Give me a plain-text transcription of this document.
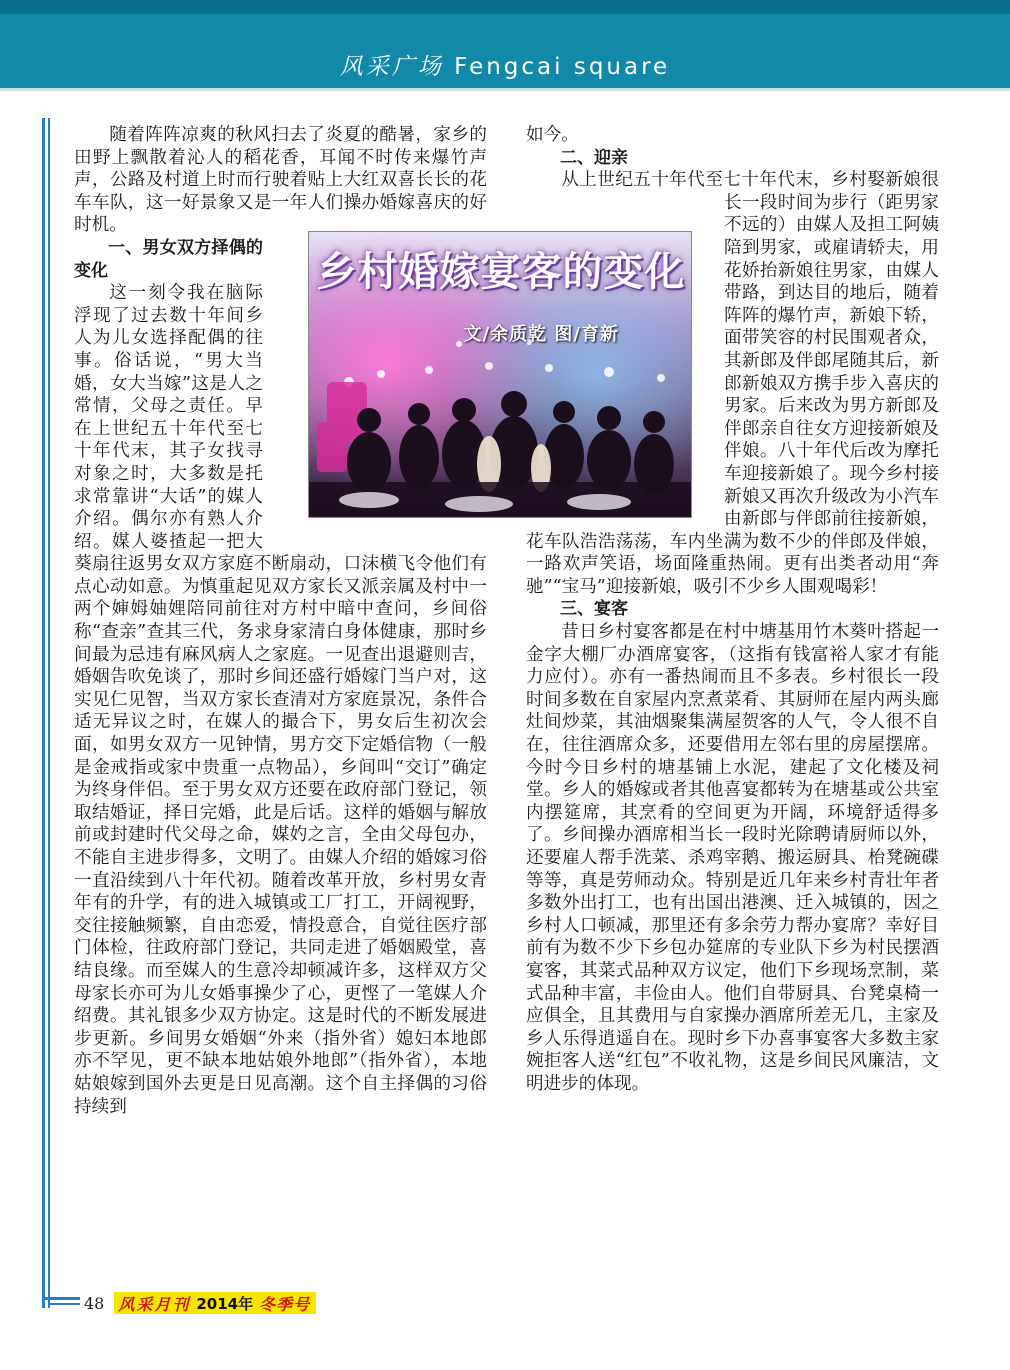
风采广场 Fengcai square

随着阵阵凉爽的秋风扫去了炎夏的酷暑，家乡的田野上飘散着沁人的稻花香，耳闻不时传来爆竹声声，公路及村道上时而行驶着贴上大红双喜长长的花车车队，这一好景象又是一年人们操办婚嫁喜庆的好时机。

一、男女双方择偶的变化

这一刻令我在脑际浮现了过去数十年间乡人为儿女选择配偶的往事。俗话说，“男大当婚，女大当嫁”这是人之常情，父母之责任。早在上世纪五十年代至七十年代末，其子女找寻对象之时，大多数是托求常靠讲“大话”的媒人介绍。偶尔亦有熟人介绍。媒人婆揸起一把大葵扇往返男女双方家庭不断扇动，口沫横飞令他们有点心动如意。为慎重起见双方家长又派亲属及村中一两个婶姆妯娌陪同前往对方村中暗中查问，乡间俗称“查亲”查其三代，务求身家清白身体健康，那时乡间最为忌违有麻风病人之家庭。一见查出退避则吉，婚姻告吹免谈了，那时乡间还盛行婚嫁门当户对，这实见仁见智，当双方家长查清对方家庭景况，条件合适无异议之时，在媒人的撮合下，男女后生初次会面，如男女双方一见钟情，男方交下定婚信物（一般是金戒指或家中贵重一点物品），乡间叫“交订”确定为终身伴侣。至于男女双方还要在政府部门登记，领取结婚证，择日完婚，此是后话。这样的婚姻与解放前或封建时代父母之命，媒妁之言，全由父母包办，不能自主进步得多，文明了。由媒人介绍的婚嫁习俗一直沿续到八十年代初。随着改革开放，乡村男女青年有的升学，有的进入城镇或工厂打工，开阔视野，交往接触频繁，自由恋爱，情投意合，自觉往医疗部门体检，往政府部门登记，共同走进了婚姻殿堂，喜结良缘。而至媒人的生意冷却顿减许多，这样双方父母家长亦可为儿女婚事操少了心，更悭了一笔媒人介绍费。其礼银多少双方协定。这是时代的不断发展进步更新。乡间男女婚姻“外来（指外省）媳妇本地郎亦不罕见，更不缺本地姑娘外地郎”（指外省），本地姑娘嫁到国外去更是日见高潮。这个自主择偶的习俗持续到

如今。

二、迎亲

从上世纪五十年代至七十年代末，乡村娶新娘很长一段时间为步行（距男家不远的）由媒人及担工阿姨陪到男家，或雇请轿夫，用花娇抬新娘往男家，由媒人带路，到达目的地后，随着阵阵的爆竹声，新娘下轿，面带笑容的村民围观者众，其新郎及伴郎尾随其后，新郎新娘双方携手步入喜庆的男家。后来改为男方新郎及伴郎亲自往女方迎接新娘及伴娘。八十年代后改为摩托车迎接新娘了。现今乡村接新娘又再次升级改为小汽车由新郎与伴郎前往接新娘，花车队浩浩荡荡，车内坐满为数不少的伴郎及伴娘，一路欢声笑语，场面隆重热闹。更有出类者动用“奔驰”“宝马”迎接新娘，吸引不少乡人围观喝彩！

三、宴客

昔日乡村宴客都是在村中塘基用竹木葵叶搭起一金字大棚厂办酒席宴客，（这指有钱富裕人家才有能力应付）。亦有一番热闹而且不多表。乡村很长一段时间多数在自家屋内烹煮菜肴、其厨师在屋内两头廊灶间炒菜，其油烟聚集满屋贺客的人气，令人很不自在，往往酒席众多，还要借用左邻右里的房屋摆席。今时今日乡村的塘基铺上水泥，建起了文化楼及祠堂。乡人的婚嫁或者其他喜宴都转为在塘基或公共室内摆筵席，其烹肴的空间更为开阔，环境舒适得多了。乡间操办酒席相当长一段时光除聘请厨师以外，还要雇人帮手洗菜、杀鸡宰鹅、搬运厨具、枱凳碗碟等等，真是劳师动众。特别是近几年来乡村青壮年者多数外出打工，也有出国出港澳、迁入城镇的，因之乡村人口顿减，那里还有多余劳力帮办宴席？幸好目前有为数不少下乡包办筵席的专业队下乡为村民摆酒宴客，其菜式品种双方议定，他们下乡现场烹制，菜式品种丰富，丰俭由人。他们自带厨具、台凳桌椅一应俱全，且其费用与自家操办酒席所差无几，主家及乡人乐得逍遥自在。现时乡下办喜事宴客大多数主家婉拒客人送“红包”不收礼物，这是乡间民风廉洁，文明进步的体现。

乡村婚嫁宴客的变化
文/余质乾 图/育新
48 风采月刊 2014年 冬季号
